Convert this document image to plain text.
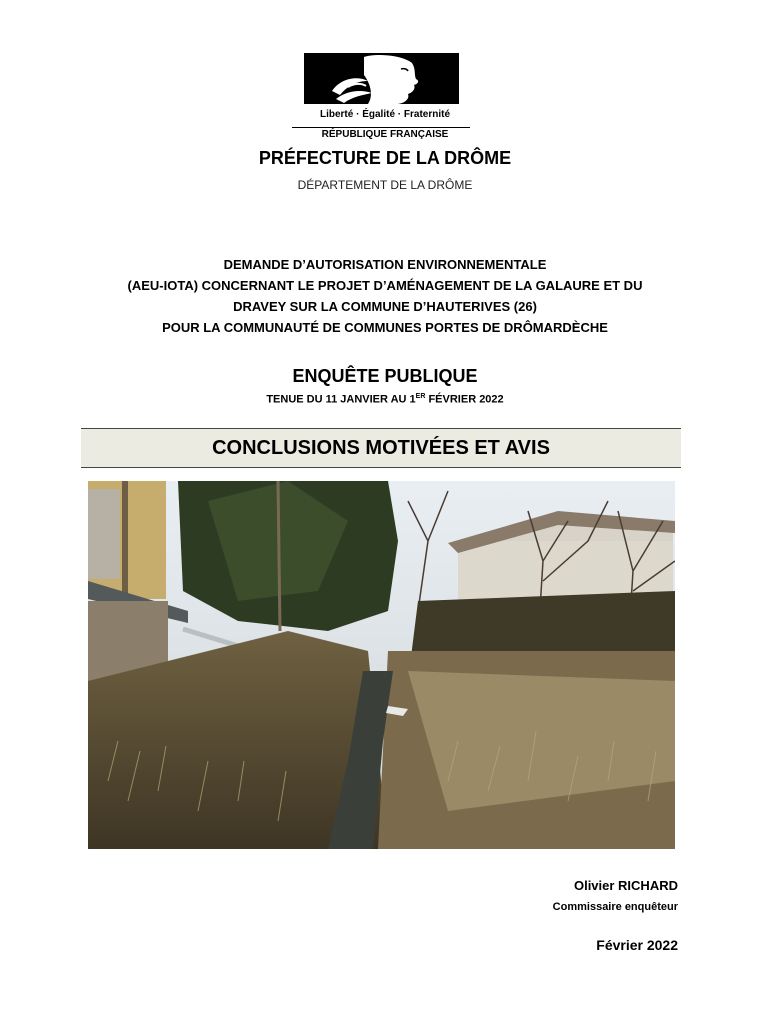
Liberté · Égalité · Fraternité
RÉPUBLIQUE FRANÇAISE
PRÉFECTURE DE LA DRÔME
DÉPARTEMENT DE LA DRÔME
DEMANDE D’AUTORISATION ENVIRONNEMENTALE
(AEU-IOTA) CONCERNANT LE PROJET D’AMÉNAGEMENT DE LA GALAURE ET DU
DRAVEY SUR LA COMMUNE D’HAUTERIVES (26)
POUR LA COMMUNAUTÉ DE COMMUNES PORTES DE DRÔMARDÈCHE
ENQUÊTE PUBLIQUE
TENUE DU 11 JANVIER AU 1ER FÉVRIER 2022
CONCLUSIONS MOTIVÉES ET AVIS
Olivier RICHARD
Commissaire enquêteur
Février 2022
